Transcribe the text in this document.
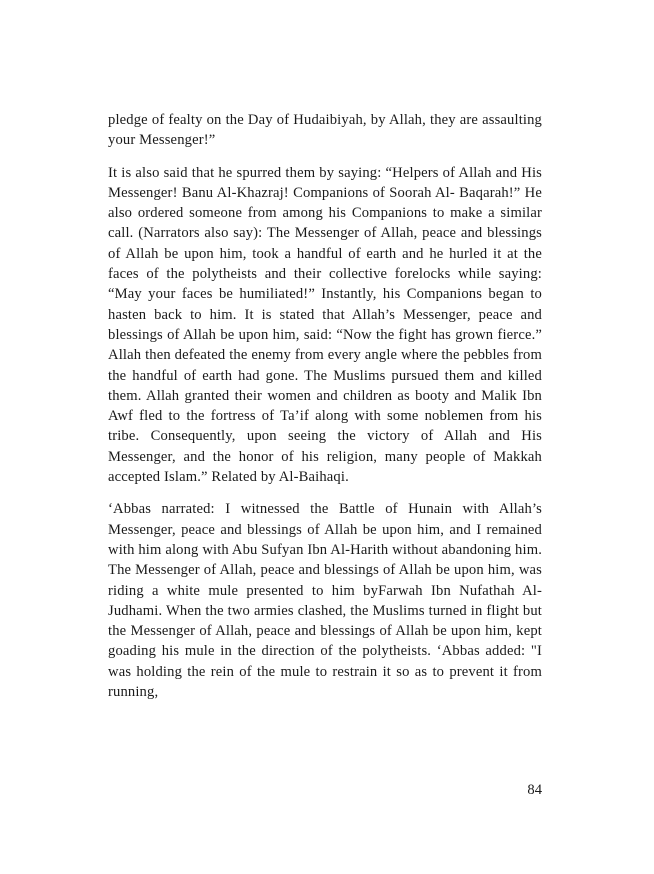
pledge of fealty on the Day of Hudaibiyah, by Allah, they are assaulting your Messenger!”

It is also said that he spurred them by saying: “Helpers of Allah and His Messenger! Banu Al-Khazraj! Companions of Soorah Al- Baqarah!” He also ordered someone from among his Companions to make a similar call. (Narrators also say): The Messenger of Allah, peace and blessings of Allah be upon him, took a handful of earth and he hurled it at the faces of the polytheists and their collective forelocks while saying: “May your faces be humiliated!” Instantly, his Companions began to hasten back to him. It is stated that Allah’s Messenger, peace and blessings of Allah be upon him, said: “Now the fight has grown fierce.” Allah then defeated the enemy from every angle where the pebbles from the handful of earth had gone. The Muslims pursued them and killed them. Allah granted their women and children as booty and Malik Ibn Awf fled to the fortress of Ta’if along with some noblemen from his tribe. Consequently, upon seeing the victory of Allah and His Messenger, and the honor of his religion, many people of Makkah accepted Islam.” Related by Al-Baihaqi.

‘Abbas narrated: I witnessed the Battle of Hunain with Allah’s Messenger, peace and blessings of Allah be upon him, and I remained with him along with Abu Sufyan Ibn Al-Harith without abandoning him. The Messenger of Allah, peace and blessings of Allah be upon him, was riding a white mule presented to him byFarwah Ibn Nufathah Al-Judhami. When the two armies clashed, the Muslims turned in flight but the Messenger of Allah, peace and blessings of Allah be upon him, kept goading his mule in the direction of the polytheists. ‘Abbas added: "I was holding the rein of the mule to restrain it so as to prevent it from running,

84
